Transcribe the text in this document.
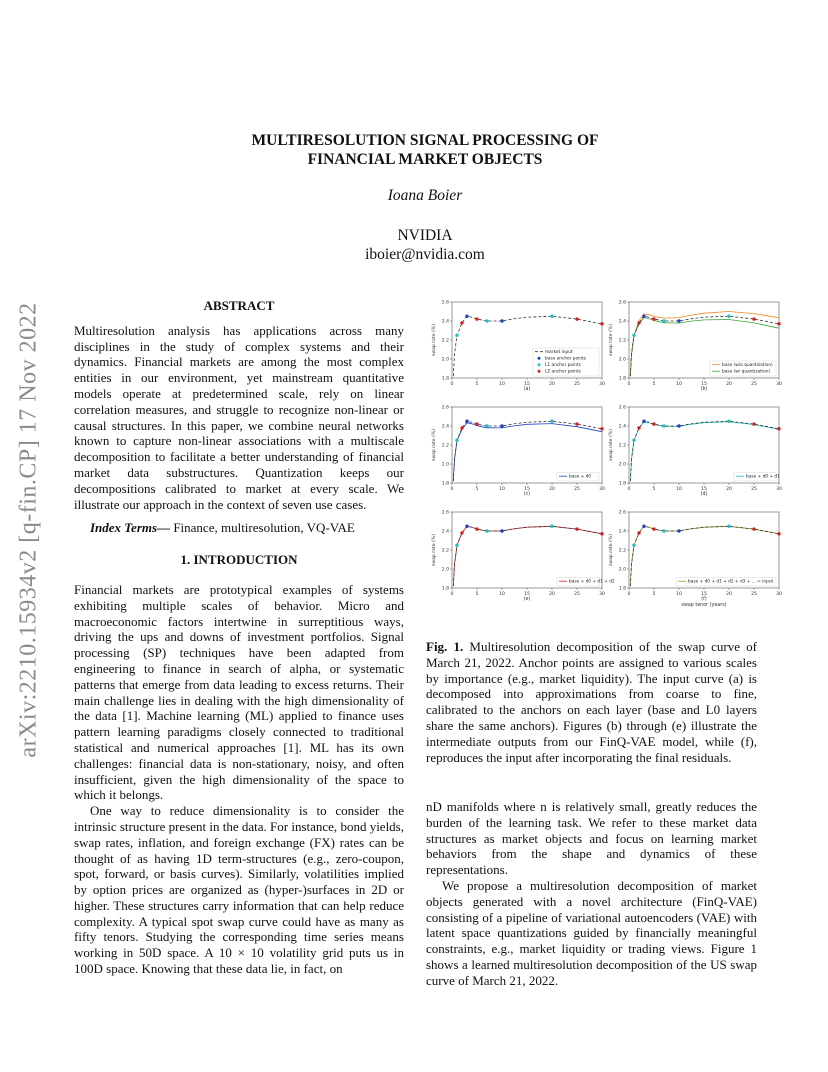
arXiv:2210.15934v2 [q-fin.CP] 17 Nov 2022
MULTIRESOLUTION SIGNAL PROCESSING OF
FINANCIAL MARKET OBJECTS
Ioana Boier
NVIDIA
iboier@nvidia.com
ABSTRACT

Multiresolution analysis has applications across many disciplines in the study of complex systems and their dynamics. Financial markets are among the most complex entities in our environment, yet mainstream quantitative models operate at predetermined scale, rely on linear correlation measures, and struggle to recognize non-linear or causal structures. In this paper, we combine neural networks known to capture non-linear associations with a multiscale decomposition to facilitate a better understanding of financial market data substructures. Quantization keeps our decompositions calibrated to market at every scale. We illustrate our approach in the context of seven use cases.

Index Terms— Finance, multiresolution, VQ-VAE

1. INTRODUCTION

Financial markets are prototypical examples of systems exhibiting multiple scales of behavior. Micro and macroeconomic factors intertwine in surreptitious ways, driving the ups and downs of investment portfolios. Signal processing (SP) techniques have been adapted from engineering to finance in search of alpha, or systematic patterns that emerge from data leading to excess returns. Their main challenge lies in dealing with the high dimensionality of the data [1]. Machine learning (ML) applied to finance uses pattern learning paradigms closely connected to traditional statistical and numerical approaches [1]. ML has its own challenges: financial data is non-stationary, noisy, and often insufficient, given the high dimensionality of the space to which it belongs.

One way to reduce dimensionality is to consider the intrinsic structure present in the data. For instance, bond yields, swap rates, inflation, and foreign exchange (FX) rates can be thought of as having 1D term-structures (e.g., zero-coupon, spot, forward, or basis curves). Similarly, volatilities implied by option prices are organized as (hyper-)surfaces in 2D or higher. These structures carry information that can help reduce complexity. A typical spot swap curve could have as many as fifty tenors. Studying the corresponding time series means working in 50D space. A 10 × 10 volatility grid puts us in 100D space. Knowing that these data lie, in fact, on

1.8
2.0
2.2
2.4
2.6
0	5	10	15	20	25	30
swap rate (%)
(a)
market input
base anchor points
L1 anchor points
L2 anchor points
1.8
2.0
2.2
2.4
2.6
0	5	10	15	20	25	30
swap rate (%)
(b)
base (w/o quantization)
base (w/ quantization)
1.8
2.0
2.2
2.4
2.6
0	5	10	15	20	25	30
swap rate (%)
(c)
base + d0
1.8
2.0
2.2
2.4
2.6
0	5	10	15	20	25	30
swap rate (%)
(d)
base + d0 + d1
1.8
2.0
2.2
2.4
2.6
0	5	10	15	20	25	30
swap rate (%)
(e)
base + d0 + d1 + d2
1.8
2.0
2.2
2.4
2.6
0	5	10	15	20	25	30
swap rate (%)
(f)
swap tenor (years)
base + d0 + d1 + d2 + d3 + ... = input

Fig. 1. Multiresolution decomposition of the swap curve of March 21, 2022. Anchor points are assigned to various scales by importance (e.g., market liquidity). The input curve (a) is decomposed into approximations from coarse to fine, calibrated to the anchors on each layer (base and L0 layers share the same anchors). Figures (b) through (e) illustrate the intermediate outputs from our FinQ-VAE model, while (f), reproduces the input after incorporating the final residuals.

nD manifolds where n is relatively small, greatly reduces the burden of the learning task. We refer to these market data structures as market objects and focus on learning market behaviors from the shape and dynamics of these representations.

We propose a multiresolution decomposition of market objects generated with a novel architecture (FinQ-VAE) consisting of a pipeline of variational autoencoders (VAE) with latent space quantizations guided by financially meaningful constraints, e.g., market liquidity or trading views. Figure 1 shows a learned multiresolution decomposition of the US swap curve of March 21, 2022.
